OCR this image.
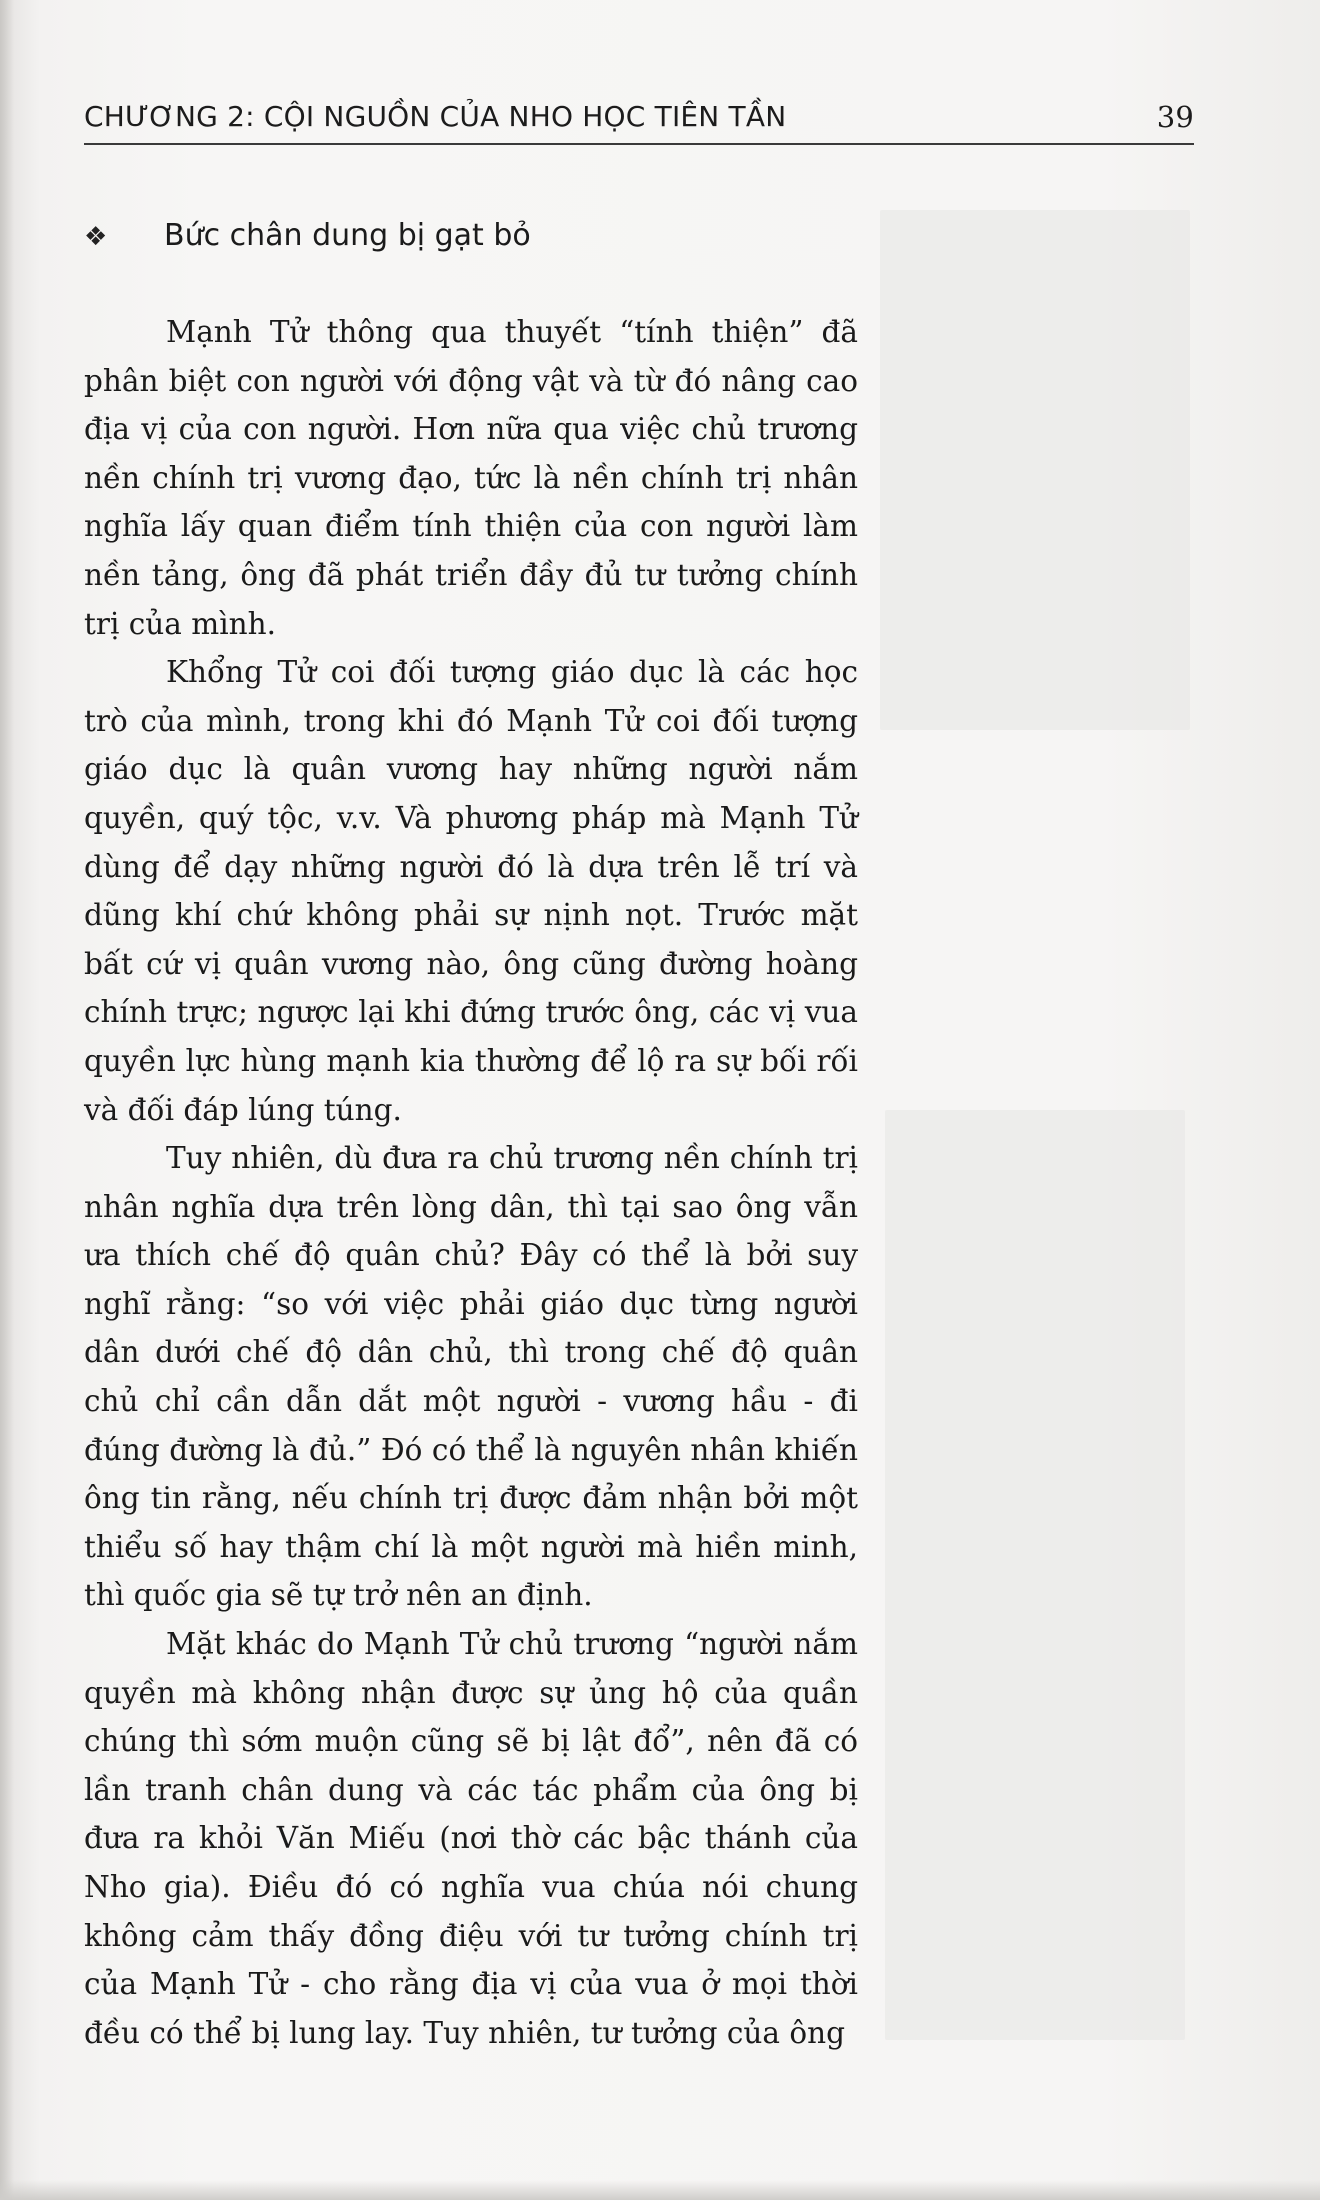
CHƯƠNG 2: CỘI NGUỒN CỦA NHO HỌC TIÊN TẦN	39
❖ Bức chân dung bị gạt bỏ

Mạnh Tử thông qua thuyết “tính thiện” đã phân biệt con người với động vật và từ đó nâng cao địa vị của con người. Hơn nữa qua việc chủ trương nền chính trị vương đạo, tức là nền chính trị nhân nghĩa lấy quan điểm tính thiện của con người làm nền tảng, ông đã phát triển đầy đủ tư tưởng chính trị của mình.

Khổng Tử coi đối tượng giáo dục là các học trò của mình, trong khi đó Mạnh Tử coi đối tượng giáo dục là quân vương hay những người nắm quyền, quý tộc, v.v. Và phương pháp mà Mạnh Tử dùng để dạy những người đó là dựa trên lễ trí và dũng khí chứ không phải sự nịnh nọt. Trước mặt bất cứ vị quân vương nào, ông cũng đường hoàng chính trực; ngược lại khi đứng trước ông, các vị vua quyền lực hùng mạnh kia thường để lộ ra sự bối rối và đối đáp lúng túng.

Tuy nhiên, dù đưa ra chủ trương nền chính trị nhân nghĩa dựa trên lòng dân, thì tại sao ông vẫn ưa thích chế độ quân chủ? Đây có thể là bởi suy nghĩ rằng: “so với việc phải giáo dục từng người dân dưới chế độ dân chủ, thì trong chế độ quân chủ chỉ cần dẫn dắt một người - vương hầu - đi đúng đường là đủ.” Đó có thể là nguyên nhân khiến ông tin rằng, nếu chính trị được đảm nhận bởi một thiểu số hay thậm chí là một người mà hiền minh, thì quốc gia sẽ tự trở nên an định.

Mặt khác do Mạnh Tử chủ trương “người nắm quyền mà không nhận được sự ủng hộ của quần chúng thì sớm muộn cũng sẽ bị lật đổ”, nên đã có lần tranh chân dung và các tác phẩm của ông bị đưa ra khỏi Văn Miếu (nơi thờ các bậc thánh của Nho gia). Điều đó có nghĩa vua chúa nói chung không cảm thấy đồng điệu với tư tưởng chính trị của Mạnh Tử - cho rằng địa vị của vua ở mọi thời đều có thể bị lung lay. Tuy nhiên, tư tưởng của ông
